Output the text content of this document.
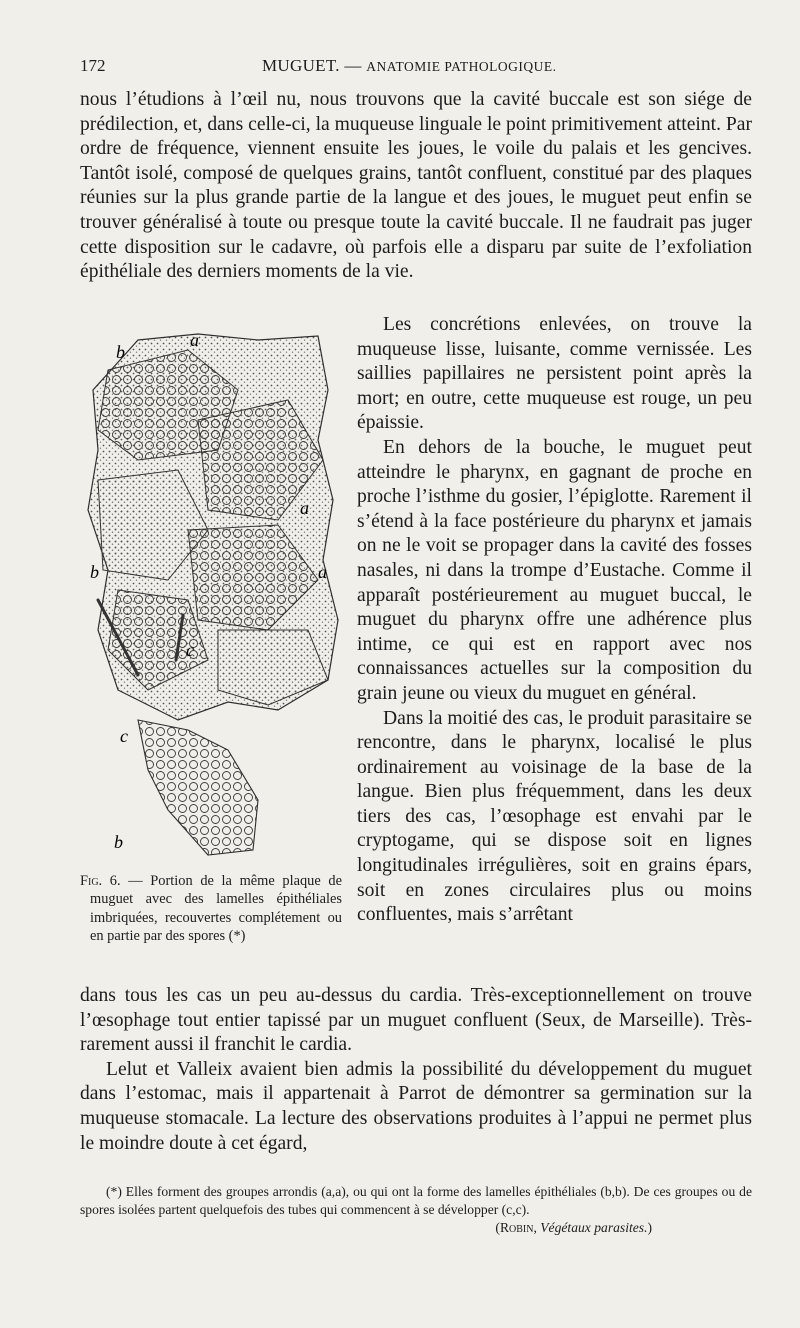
172	MUGUET. — ANATOMIE PATHOLOGIQUE.

nous l’étudions à l’œil nu, nous trouvons que la cavité buccale est son siége de prédilection, et, dans celle-ci, la muqueuse linguale le point primitivement atteint. Par ordre de fréquence, viennent ensuite les joues, le voile du palais et les gencives. Tantôt isolé, composé de quelques grains, tantôt confluent, constitué par des plaques réunies sur la plus grande partie de la langue et des joues, le muguet peut enfin se trouver généralisé à toute ou presque toute la cavité buccale. Il ne faudrait pas juger cette disposition sur le cadavre, où parfois elle a disparu par suite de l’exfoliation épithéliale des derniers moments de la vie.

Les concrétions enlevées, on trouve la muqueuse lisse, luisante, comme vernissée. Les saillies papillaires ne persistent point après la mort; en outre, cette muqueuse est rouge, un peu épaissie.

En dehors de la bouche, le muguet peut atteindre le pharynx, en gagnant de proche en proche l’isthme du gosier, l’épiglotte. Rarement il s’étend à la face postérieure du pharynx et jamais on ne le voit se propager dans la cavité des fosses nasales, ni dans la trompe d’Eustache. Comme il apparaît postérieurement au muguet buccal, le muguet du pharynx offre une adhérence plus intime, ce qui est en rapport avec nos connaissances actuelles sur la composition du grain jeune ou vieux du muguet en général.

Dans la moitié des cas, le produit parasitaire se rencontre, dans le pharynx, localisé le plus ordinairement au voisinage de la base de la langue. Bien plus fréquemment, dans les deux tiers des cas, l’œsophage est envahi par le cryptogame, qui se dispose soit en lignes longitudinales irrégulières, soit en grains épars, soit en zones circulaires plus ou moins confluentes, mais s’arrêtant

b
a
a
b	a
c
c
b
Fig. 6. — Portion de la même plaque de muguet avec des lamelles épithéliales imbriquées, recouvertes complétement ou en partie par des spores (*)

dans tous les cas un peu au-dessus du cardia. Très-exceptionnellement on trouve l’œsophage tout entier tapissé par un muguet confluent (Seux, de Marseille). Très-rarement aussi il franchit le cardia.

Lelut et Valleix avaient bien admis la possibilité du développement du muguet dans l’estomac, mais il appartenait à Parrot de démontrer sa germination sur la muqueuse stomacale. La lecture des observations produites à l’appui ne permet plus le moindre doute à cet égard,

(*) Elles forment des groupes arrondis (a,a), ou qui ont la forme des lamelles épithéliales (b,b). De ces groupes ou de spores isolées partent quelquefois des tubes qui commencent à se développer (c,c).

(Robin, Végétaux parasites.)
